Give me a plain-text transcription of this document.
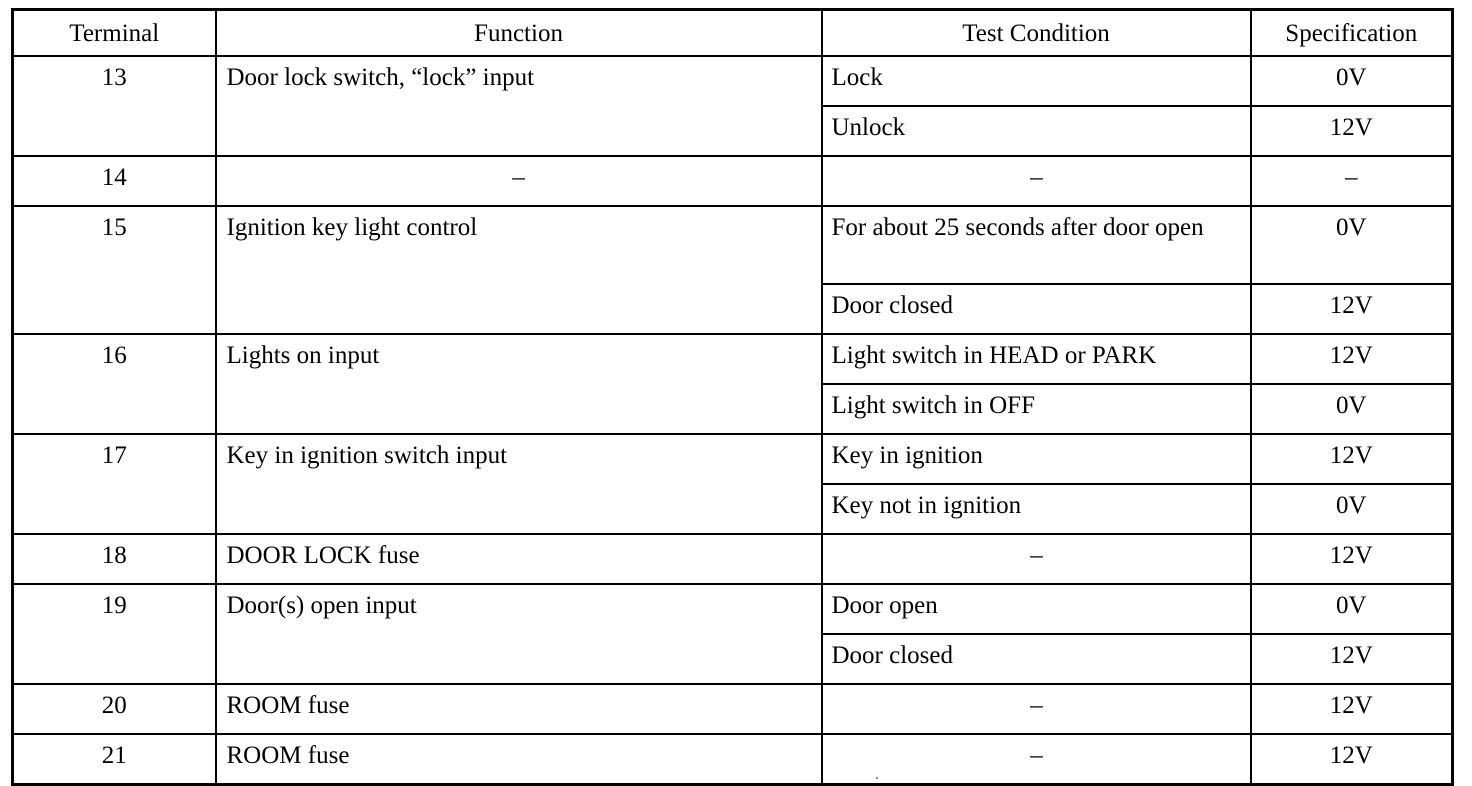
Terminal	Function	Test Condition	Specification
13	Door lock switch, “lock” input	Lock	0V
		Unlock	12V
14	–	–	–
15	Ignition key light control	For about 25 seconds after door open	0V
		Door closed	12V
16	Lights on input	Light switch in HEAD or PARK	12V
		Light switch in OFF	0V
17	Key in ignition switch input	Key in ignition	12V
		Key not in ignition	0V
18	DOOR LOCK fuse	–	12V
19	Door(s) open input	Door open	0V
		Door closed	12V
20	ROOM fuse	–	12V
21	ROOM fuse	–	12V
